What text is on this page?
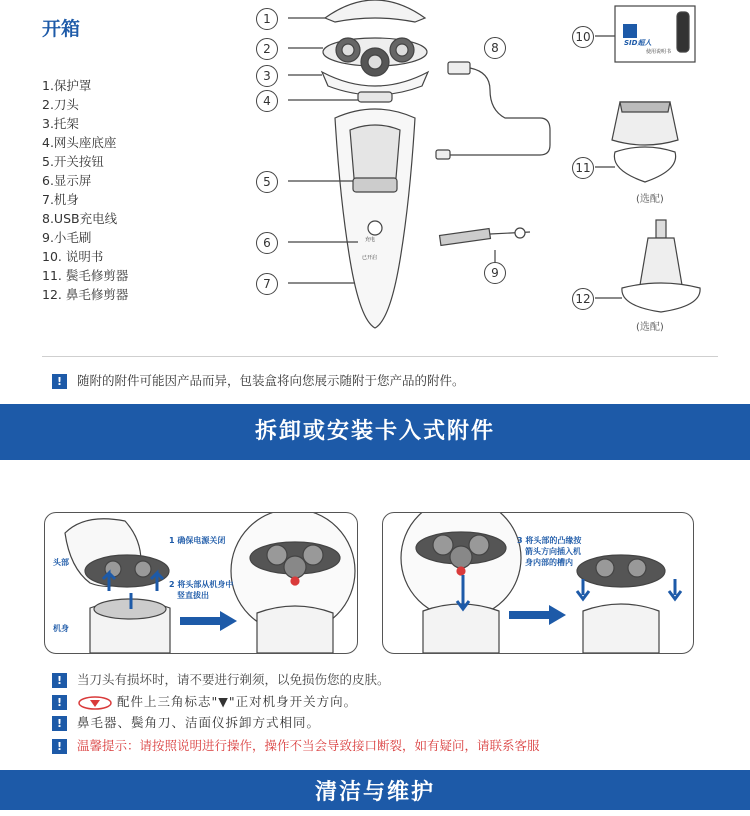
开箱
1.保护罩
2.刀头
3.托架
4.网头座底座
5.开关按钮
6.显示屏
7.机身
8.USB充电线
9.小毛刷
10. 说明书
11. 鬓毛修剪器
12. 鼻毛修剪器
1
2
3
4
5
6
7
8
9
10
11
12
SID超人
使用说明书
充电
已开启
(选配)
(选配)
! 随附的附件可能因产品而异，包装盒将向您展示随附于您产品的附件。
拆卸或安装卡入式附件
头部
机身
1 确保电源关闭
2 将头部从机身中
竖直拔出
3 将头部的凸缘按
箭头方向插入机
身内部的槽内
! 当刀头有损坏时，请不要进行剃须，以免损伤您的皮肤。
!	配件上三角标志"▼"正对机身开关方向。
! 鼻毛器、鬓角刀、洁面仪拆卸方式相同。
! 温馨提示：请按照说明进行操作，操作不当会导致接口断裂，如有疑问，请联系客服
清洁与维护
